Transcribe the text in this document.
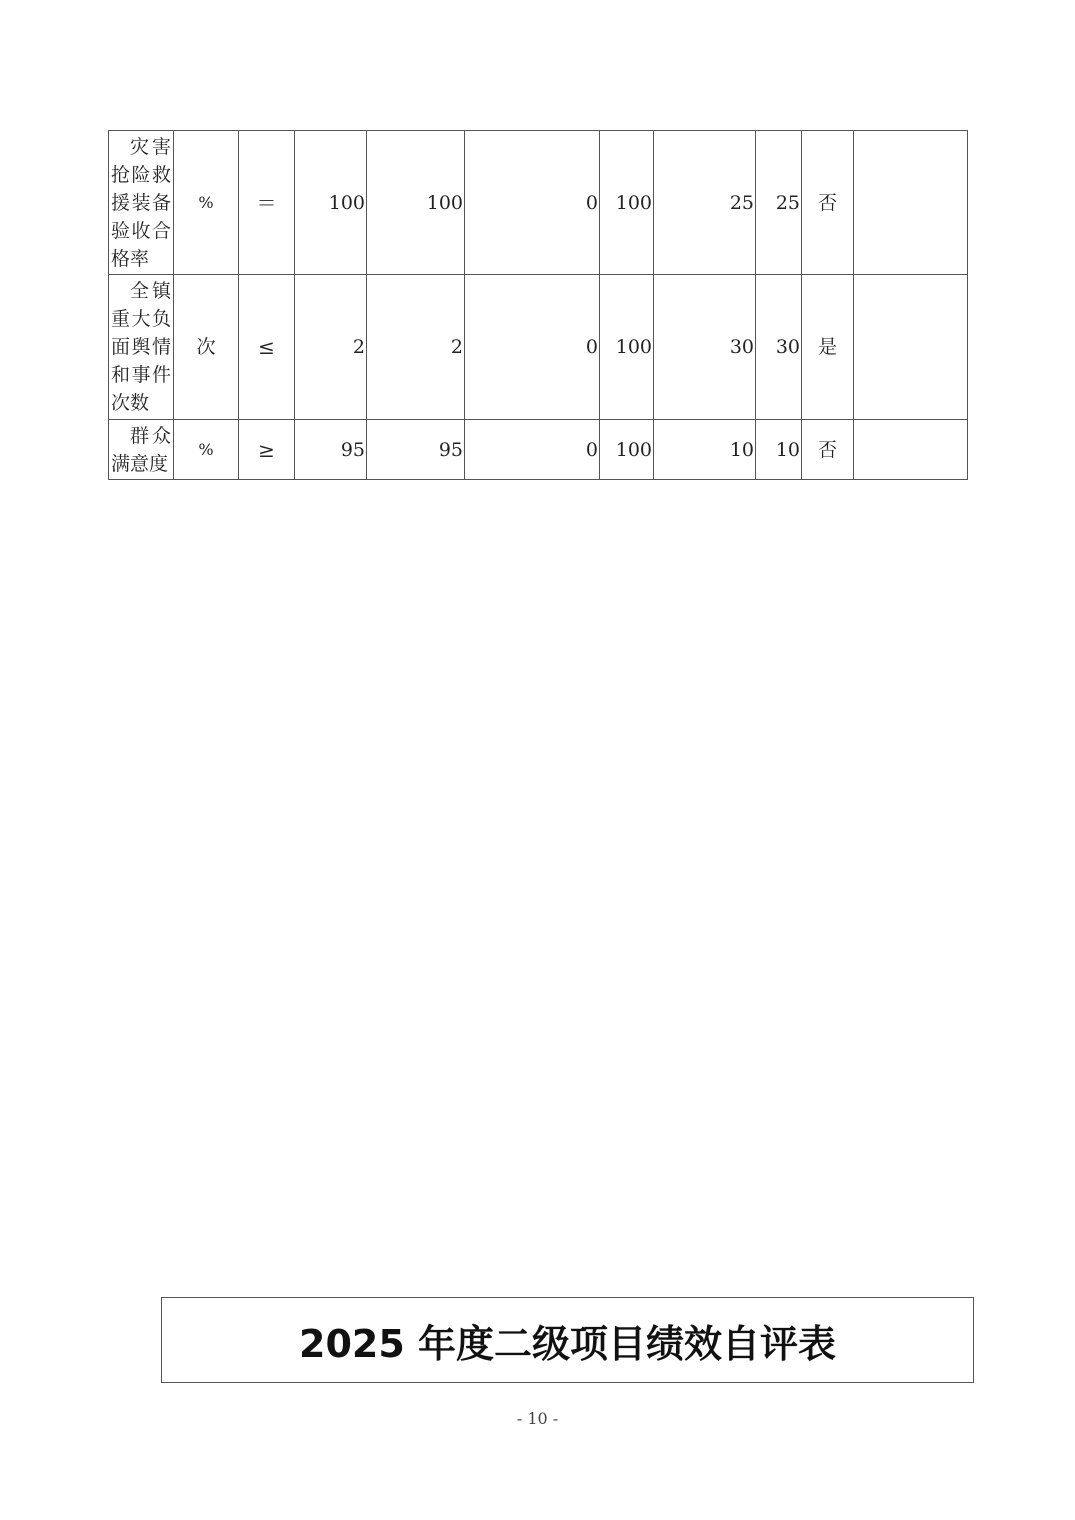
灾害抢险救援装备验收合格率	%	＝	100	100	0	100	25	25	否	

全镇重大负面舆情和事件次数	次	≤	2	2	0	100	30	30	是	

群众满意度	%	≥	95	95	0	100	10	10	否	
2025 年度二级项目绩效自评表
- 10 -
